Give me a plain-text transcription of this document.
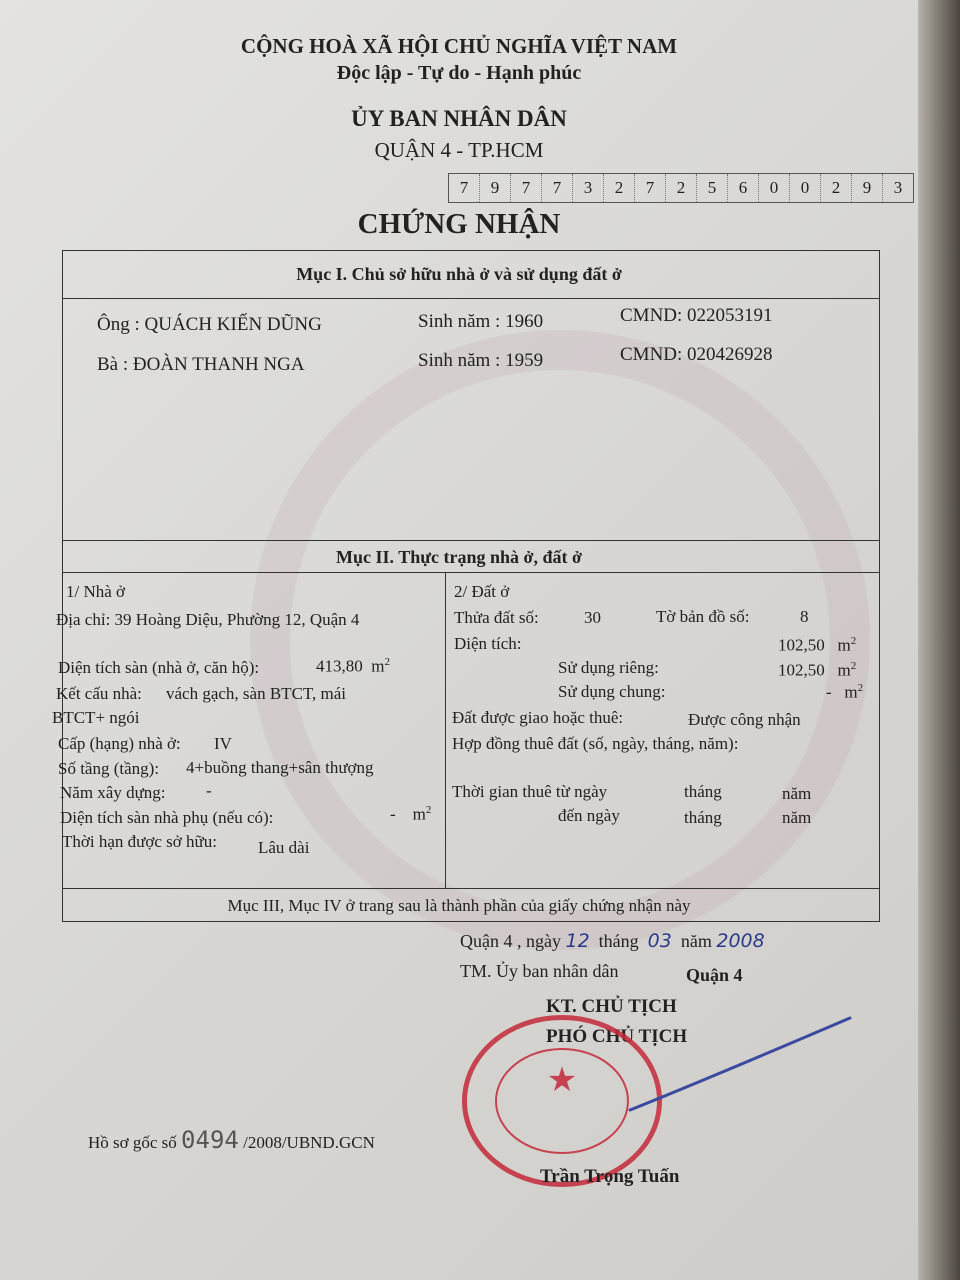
CỘNG HOÀ XÃ HỘI CHỦ NGHĨA VIỆT NAM
Độc lập - Tự do - Hạnh phúc
ỦY BAN NHÂN DÂN
QUẬN 4 - TP.HCM
7	9	7	7	3	2	7	2	5	6	0	0	2	9	3
CHỨNG NHẬN
Mục I. Chủ sở hữu nhà ở và sử dụng đất ở
Ông : QUÁCH KIẾN DŨNG	Sinh năm : 1960	CMND: 022053191
Bà : ĐOÀN THANH NGA	Sinh năm : 1959	CMND: 020426928
Mục II. Thực trạng nhà ở, đất ở
1/ Nhà ở
Địa chỉ: 39 Hoàng Diệu, Phường 12, Quận 4
Diện tích sàn (nhà ở, căn hộ):	413,80 $m^2$
Kết cấu nhà: vách gạch, sàn BTCT, mái
BTCT+ ngói
Cấp (hạng) nhà ở: IV
Số tầng (tầng): 4+buồng thang+sân thượng
Năm xây dựng: -
Diện tích sàn nhà phụ (nếu có):	- $m^2$
Thời hạn được sở hữu: Lâu dài
2/ Đất ở
Thửa đất số:	30	Tờ bản đồ số:	8
Diện tích:	102,50 $m^2$
Sử dụng riêng:	102,50 $m^2$
Sử dụng chung:	- $m^2$
Đất được giao hoặc thuê:	Được công nhận
Hợp đồng thuê đất (số, ngày, tháng, năm):
Thời gian thuê từ ngày	tháng	năm
đến ngày	tháng	năm
Mục III, Mục IV ở trang sau là thành phần của giấy chứng nhận này
Quận 4 , ngày 12 tháng 03 năm 2008
TM. Ủy ban nhân dân	Quận 4
KT. CHỦ TỊCH
PHÓ CHỦ TỊCH
★
Trần Trọng Tuấn
Hồ sơ gốc số 0494 /2008/UBND.GCN
